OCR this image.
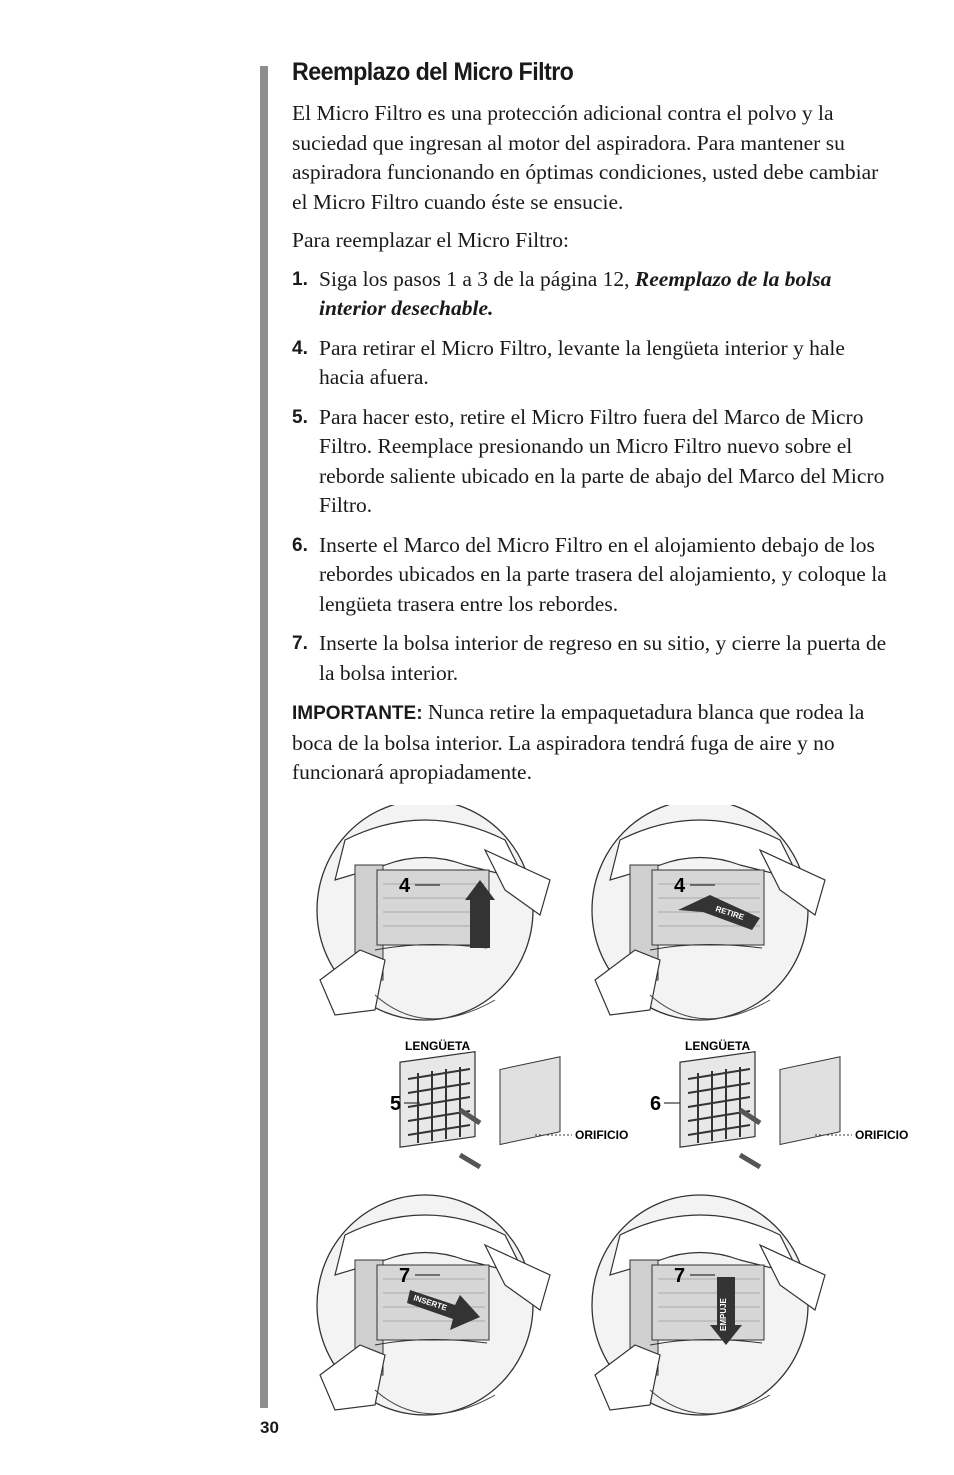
30
Reemplazo del Micro Filtro

El Micro Filtro es una protección adicional contra el polvo y la suciedad que ingresan al motor del aspiradora. Para mantener su aspiradora funcionando en óptimas condiciones, usted debe cambiar el Micro Filtro cuando éste se ensucie.

Para reemplazar el Micro Filtro:

1. Siga los pasos 1 a 3 de la página 12, Reemplazo de la bolsa interior desechable.
4. Para retirar el Micro Filtro, levante la lengüeta interior y hale hacia afuera.
5. Para hacer esto, retire el Micro Filtro fuera del Marco de Micro Filtro. Reemplace presionando un Micro Filtro nuevo sobre el reborde saliente ubicado en la parte de abajo del Marco del Micro Filtro.
6. Inserte el Marco del Micro Filtro en el alojamiento debajo de los rebordes ubicados en la parte trasera del alojamiento, y coloque la lengüeta trasera entre los rebordes.
7. Inserte la bolsa interior de regreso en su sitio, y cierre la puerta de la bolsa interior.

IMPORTANTE: Nunca retire la empaquetadura blanca que rodea la boca de la bolsa interior. La aspiradora tendrá fuga de aire y no funcionará apropiadamente.

4
RETIRE
4
LENGÜETA
5
ORIFICIO
LENGÜETA
6
ORIFICIO
INSERTE
7
EMPUJE
7
